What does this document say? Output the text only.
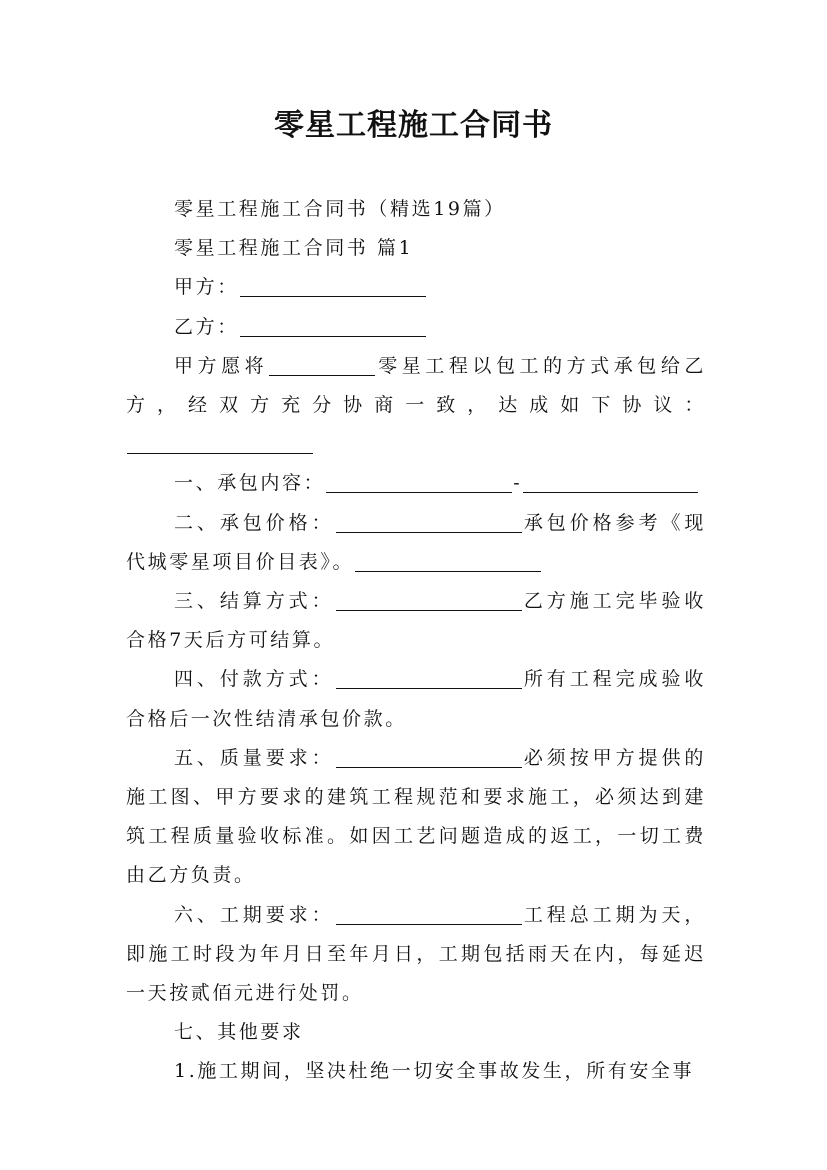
零星工程施工合同书

零星工程施工合同书（精选19篇）

零星工程施工合同书 篇1

甲方：

乙方：

甲方愿将	零星工程以包工的方式承包给乙方，经双方充分协商一致，达成如下协议：

一、承包内容：	-

二、承包价格：	承包价格参考《现代城零星项目价目表》。

三、结算方式：	乙方施工完毕验收合格7天后方可结算。

四、付款方式：	所有工程完成验收合格后一次性结清承包价款。

五、质量要求：	必须按甲方提供的施工图、甲方要求的建筑工程规范和要求施工，必须达到建筑工程质量验收标准。如因工艺问题造成的返工，一切工费由乙方负责。

六、工期要求：	工程总工期为天，即施工时段为年月日至年月日，工期包括雨天在内，每延迟一天按贰佰元进行处罚。

七、其他要求

1.施工期间，坚决杜绝一切安全事故发生，所有安全事
